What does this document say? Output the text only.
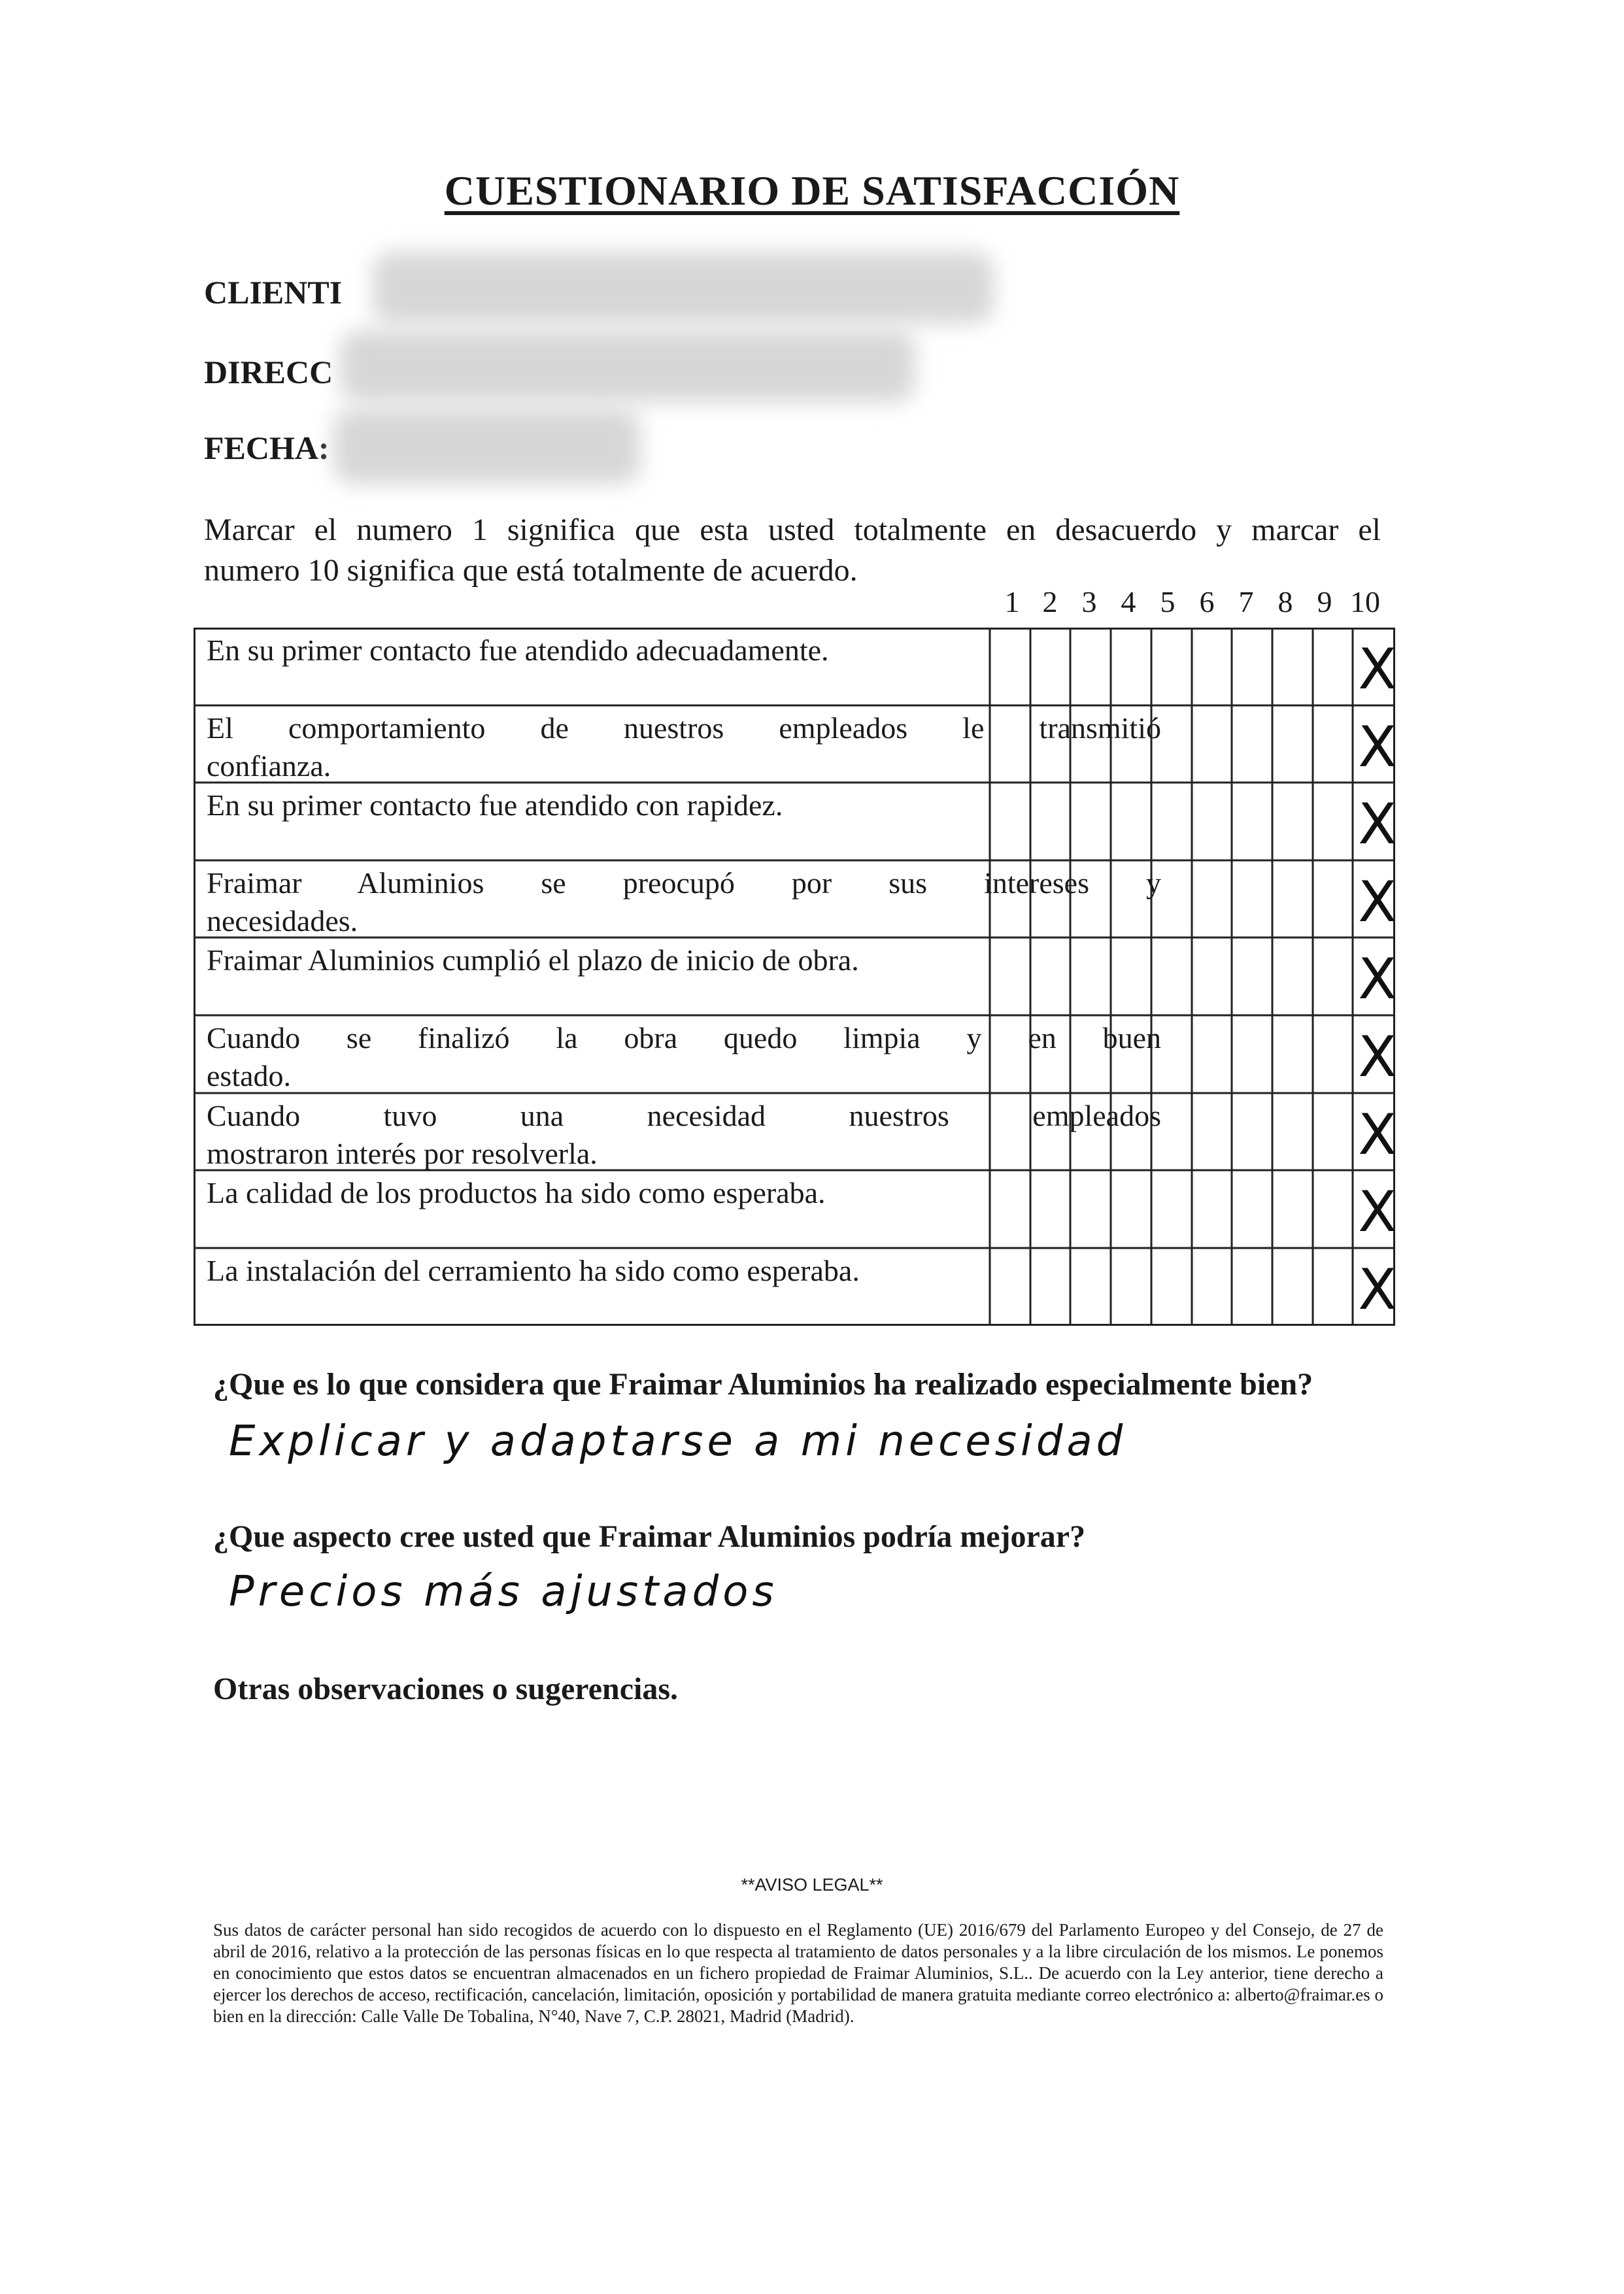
CUESTIONARIO DE SATISFACCIÓN
CLIENTI
DIRECC
FECHA:
Marcar el numero 1 significa que esta usted totalmente en desacuerdo y marcar el
numero 10 significa que está totalmente de acuerdo.
1 2 3 4 5 6 7 8 9 10
En su primer contacto fue atendido adecuadamente.	X
El comportamiento de nuestros empleados le transmitió
confianza.	X
En su primer contacto fue atendido con rapidez.	X
Fraimar Aluminios se preocupó por sus intereses y
necesidades.	X
Fraimar Aluminios cumplió el plazo de inicio de obra.	X
Cuando se finalizó la obra quedo limpia y en buen
estado.	X
Cuando tuvo una necesidad nuestros empleados
mostraron interés por resolverla.	X
La calidad de los productos ha sido como esperaba.	X
La instalación del cerramiento ha sido como esperaba.	X
¿Que es lo que considera que Fraimar Aluminios ha realizado especialmente bien?
Explicar y adaptarse a mi necesidad
¿Que aspecto cree usted que Fraimar Aluminios podría mejorar?
Precios más ajustados
Otras observaciones o sugerencias.
**AVISO LEGAL**
Sus datos de carácter personal han sido recogidos de acuerdo con lo dispuesto en el Reglamento (UE) 2016/679 del Parlamento Europeo y del Consejo, de 27 de abril de 2016, relativo a la protección de las personas físicas en lo que respecta al tratamiento de datos personales y a la libre circulación de los mismos. Le ponemos en conocimiento que estos datos se encuentran almacenados en un fichero propiedad de Fraimar Aluminios, S.L.. De acuerdo con la Ley anterior, tiene derecho a ejercer los derechos de acceso, rectificación, cancelación, limitación, oposición y portabilidad de manera gratuita mediante correo electrónico a: alberto@fraimar.es o bien en la dirección: Calle Valle De Tobalina, N°40, Nave 7, C.P. 28021, Madrid (Madrid).
